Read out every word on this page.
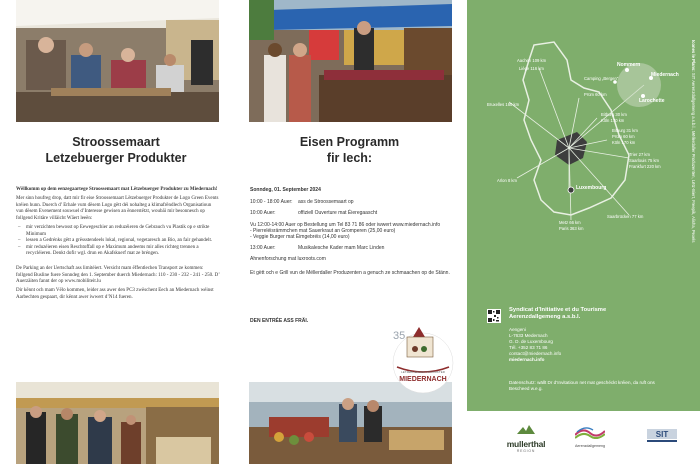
Stroossemaart
Letzebuerger Produkter
Wëllkomm op dem eenzegaartege Stroossemaart mat Lëtzebuerger Produkter zu Miedernach!

Mer sinn houfreg drop, datt mir fir eise Stroossemaart Lëtzebuerger Produkter de Logo Green Events kréien hunn. Duerch d’ Erhale vum dësem Logo gëtt déi nohalteg a klimafrëndlech Organisatioun vun dësem Evenement souwuel d’Interesse gewisen an ënnerstëtzt, woubäi mir besonnesch op follgend Kritäre villäicht Wäert leeën:

– mir verzichten bewosst op Eewegeschier an reduzéieren de Gebrauch vu Plastik op e strikte Minimum
– lessen a Gedrénks gëtt a grëssstendeels lokal, regional, vegetaresch an Bio, an fair gehandelt.
– mir reduzéieren eisen Reschtoffall op e Maximum andeems mir alles richteg trennen a recycléieren. Denkt dofir wgl. drun en Akafskuerf mat ze bréngen.

De Parking an der Uertschaft ass limitéiert. Versicht mam ëffentlechen Transport ze kommen: follgend Busline fuere Sonndeg den 1. September duerch Miedernach: 110 - 230 - 232 - 241 - 250. D’ Auerzäiten fannt der op www.mobiliteit.lu

Dir kënnt och mam Vëlo kommen, leider ass awer den PC3 zwëschent Eech an Miedernach wéinst Aarbechten gespaart, dir kënnt awer iwwert d’N14 fueren.

Eisen Programm
fir Iech:
Sonndeg, 01. September 2024
10:00 - 18:00 Auer:	ass de Stroossemaart op
10:00 Auer:	offiziell Ouverture mat Éieregaascht
Vu 12:00-14:00 Auer op Bestellung um Tel 83 71 86 oder iwwert www.miedernach.info
- Pierreléisrämmchen mat Sauerkraut an Gromperen (25,00 euro)
- Veggie Burger mat Éimgebréis (14,00 euro)
13:00 Auer:	Musikalesche Kader mam Marc Linden
Ahnenforschung mat luxroots.com
Et gëtt och e Grill vun de Mëllerdaller Produzenten a genuch ze schmaachen op de Stänn.
DEN ENTRÉE ASS FRÄI.
35
LETZEBUERGER PRODUKTER
MIEDERNACH
Icones le Plans: SIT Aerenzdallgemeng a.s.b.l., Mëllerdaller Produzenten, Lëtz-Biert, Freepik, Alisha, Pexels
Aachen 109 km
Liège 116 km
Prüm 60 km
Bruxelles 160 km
Bitburg 30 km
Köln 170 km
Bitburg 31 km
Prüm 60 km
Köln 170 km
Trier 27 km
Saarlouis 75 km
Frankfurt 220 km
Arlon 8 km
Saarbrücken 77 km
Metz 66 km
Paris 363 km
Nommern
Miedernach
Larochette
Camping „Bergen”
Luxembourg
Syndicat d’Initiative et du Tourisme
Aerenzdallgemeng a.s.b.l.
Aengeni
L-7633 Medernach
G. D. de Luxembourg
Tél. +352 83 71 86
contact@miedernach.info
miedernach.info
Datenschutz: wällt Dr d’Invitatioun net mat geschéckt kréien, da ruft ons Bescheed w.e.g.
mullerthal
REGION
Aerenzdallgemeng
SIT
